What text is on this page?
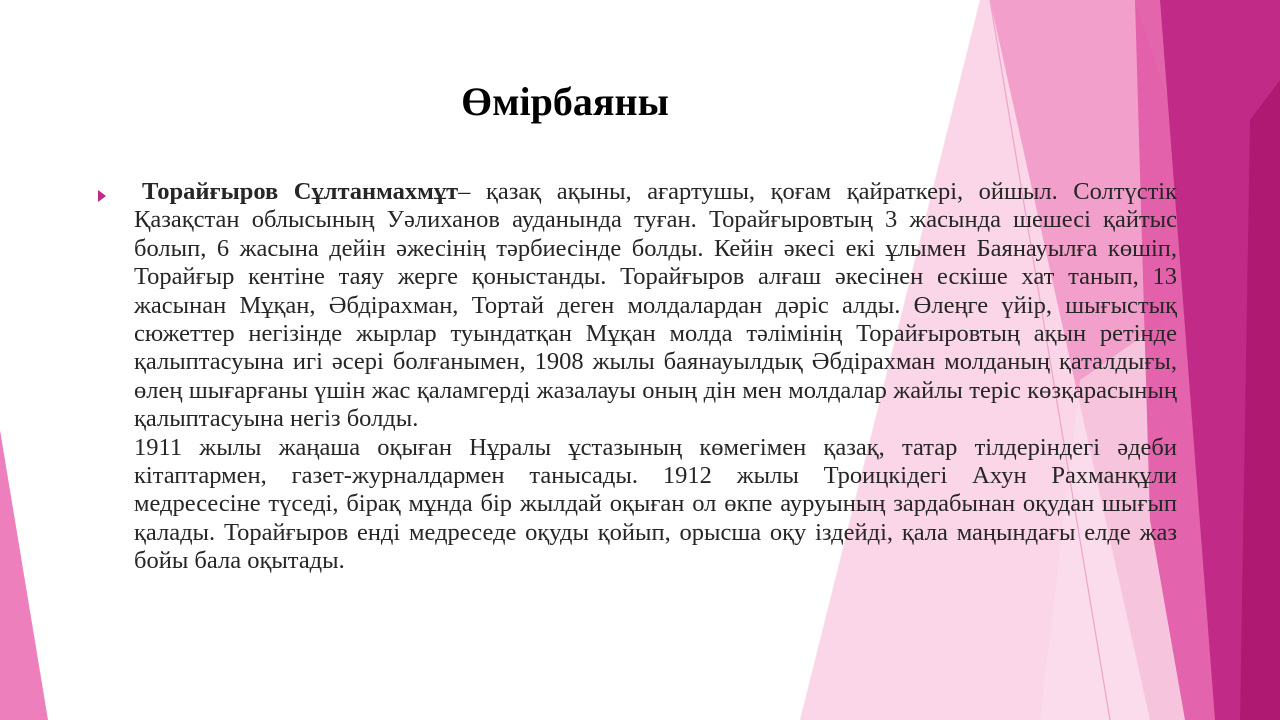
Өмірбаяны

Торайғыров Сұлтанмахмұт– қазақ ақыны, ағартушы, қоғам қайраткері, ойшыл. Солтүстік Қазақстан облысының Уәлиханов ауданында туған. Торайғыровтың 3 жасында шешесі қайтыс болып, 6 жасына дейін әжесінің тәрбиесінде болды. Кейін әкесі екі ұлымен Баянауылға көшіп, Торайғыр кентіне таяу жерге қоныстанды. Торайғыров алғаш әкесінен ескіше хат танып, 13 жасынан Мұқан, Әбдірахман, Тортай деген молдалардан дәріс алды. Өлеңге үйір, шығыстық сюжеттер негізінде жырлар туындатқан Мұқан молда тәлімінің Торайғыровтың ақын ретінде қалыптасуына игі әсері болғанымен, 1908 жылы баянауылдық Әбдірахман молданың қаталдығы, өлең шығарғаны үшін жас қаламгерді жазалауы оның дін мен молдалар жайлы теріс көзқарасының қалыптасуына негіз болды.

1911 жылы жаңаша оқыған Нұралы ұстазының көмегімен қазақ, татар тілдеріндегі әдеби кітаптармен, газет-журналдармен танысады. 1912 жылы Троицкідегі Ахун Рахманқұли медресесіне түседі, бірақ мұнда бір жылдай оқыған ол өкпе ауруының зардабынан оқудан шығып қалады. Торайғыров енді медреседе оқуды қойып, орысша оқу іздейді, қала маңындағы елде жаз бойы бала оқытады.
